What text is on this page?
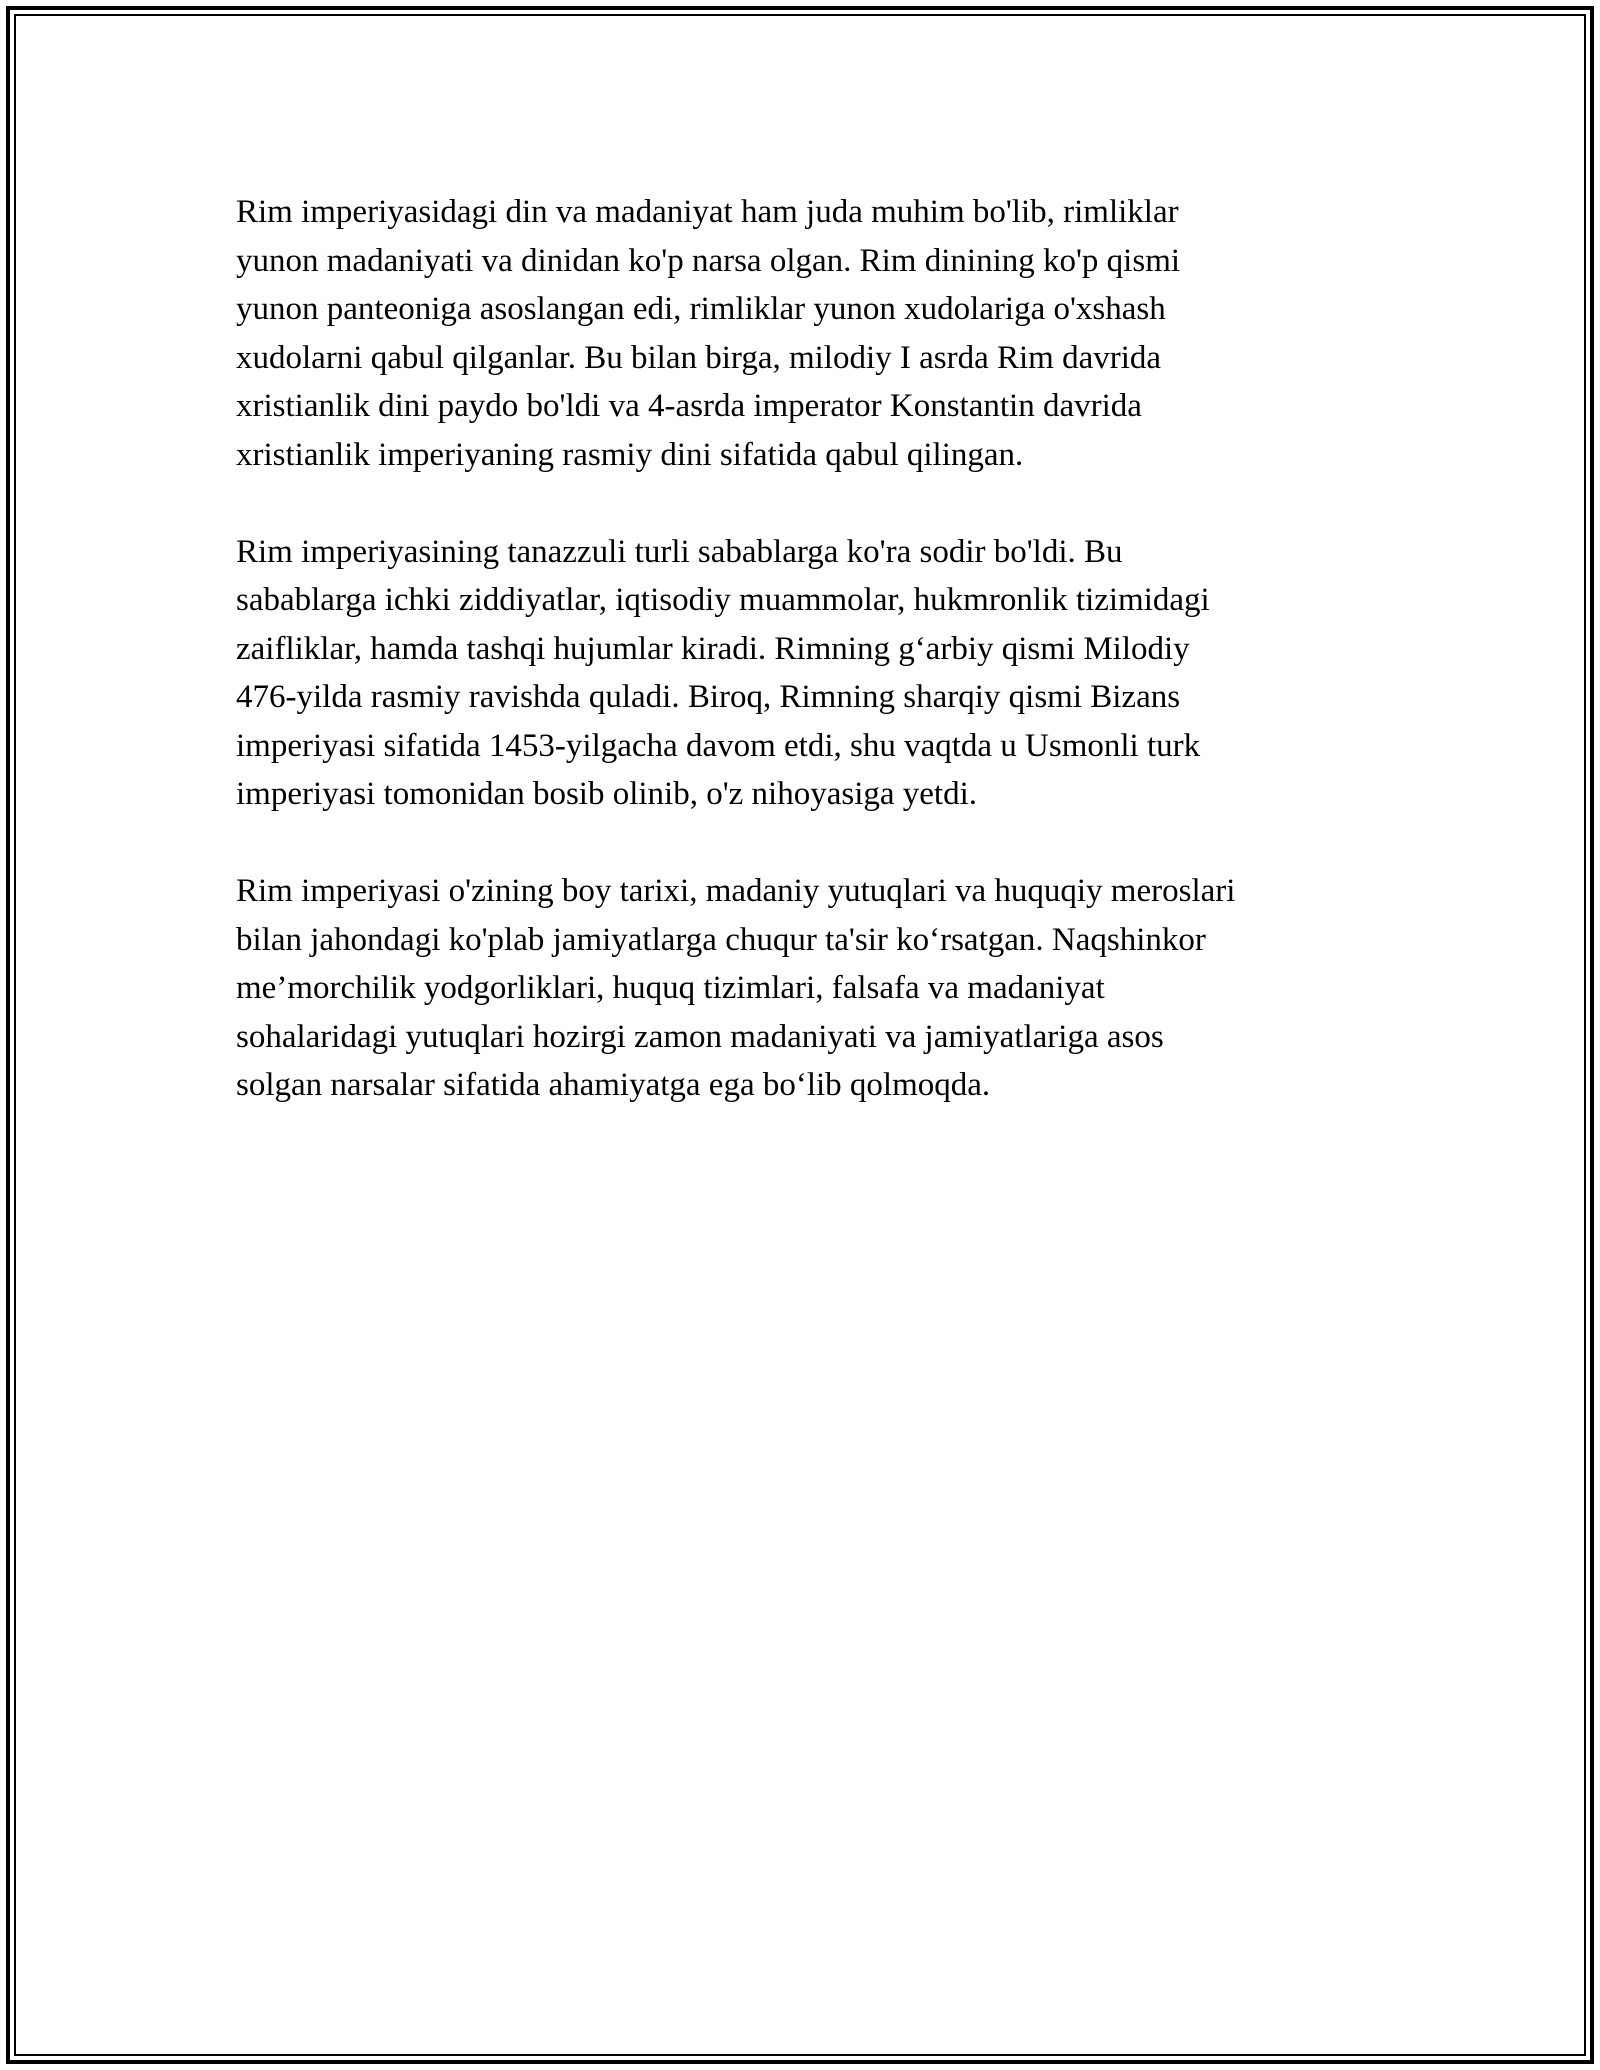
Rim imperiyasidagi din va madaniyat ham juda muhim bo'lib, rimliklar
yunon madaniyati va dinidan ko'p narsa olgan. Rim dinining ko'p qismi
yunon panteoniga asoslangan edi, rimliklar yunon xudolariga o'xshash
xudolarni qabul qilganlar. Bu bilan birga, milodiy I asrda Rim davrida
xristianlik dini paydo bo'ldi va 4-asrda imperator Konstantin davrida
xristianlik imperiyaning rasmiy dini sifatida qabul qilingan.

Rim imperiyasining tanazzuli turli sabablarga ko'ra sodir bo'ldi. Bu
sabablarga ichki ziddiyatlar, iqtisodiy muammolar, hukmronlik tizimidagi
zaifliklar, hamda tashqi hujumlar kiradi. Rimning g‘arbiy qismi Milodiy
476-yilda rasmiy ravishda quladi. Biroq, Rimning sharqiy qismi Bizans
imperiyasi sifatida 1453-yilgacha davom etdi, shu vaqtda u Usmonli turk
imperiyasi tomonidan bosib olinib, o'z nihoyasiga yetdi.

Rim imperiyasi o'zining boy tarixi, madaniy yutuqlari va huquqiy meroslari
bilan jahondagi ko'plab jamiyatlarga chuqur ta'sir ko‘rsatgan. Naqshinkor
me’morchilik yodgorliklari, huquq tizimlari, falsafa va madaniyat
sohalaridagi yutuqlari hozirgi zamon madaniyati va jamiyatlariga asos
solgan narsalar sifatida ahamiyatga ega bo‘lib qolmoqda.
